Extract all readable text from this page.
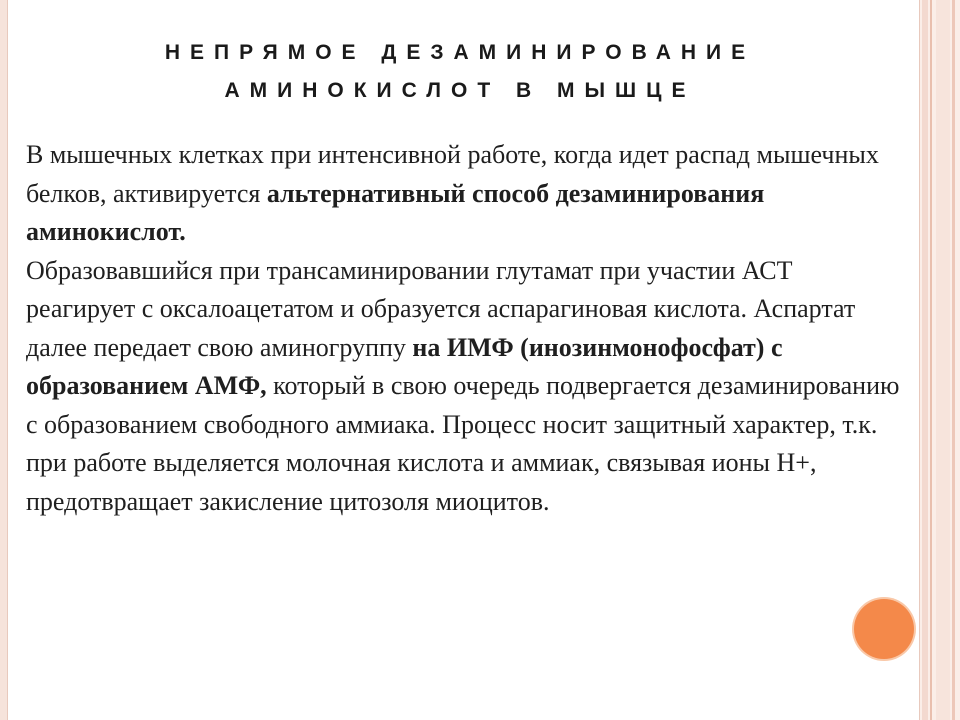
НЕПРЯМОЕ ДЕЗАМИНИРОВАНИЕ
АМИНОКИСЛОТ В МЫШЦЕ
В мышечных клетках при интенсивной работе, когда идет распад мышечных белков, активируется альтернативный способ дезаминирования аминокислот.
Образовавшийся при трансаминировании глутамат при участии АСТ реагирует с оксалоацетатом и образуется аспарагиновая кислота. Аспартат далее передает свою аминогруппу на ИМФ (инозинмонофосфат) с образованием АМФ, который в свою очередь подвергается дезаминированию с образованием свободного аммиака. Процесс носит защитный характер, т.к. при работе выделяется молочная кислота и аммиак, связывая ионы Н+, предотвращает закисление цитозоля миоцитов.
